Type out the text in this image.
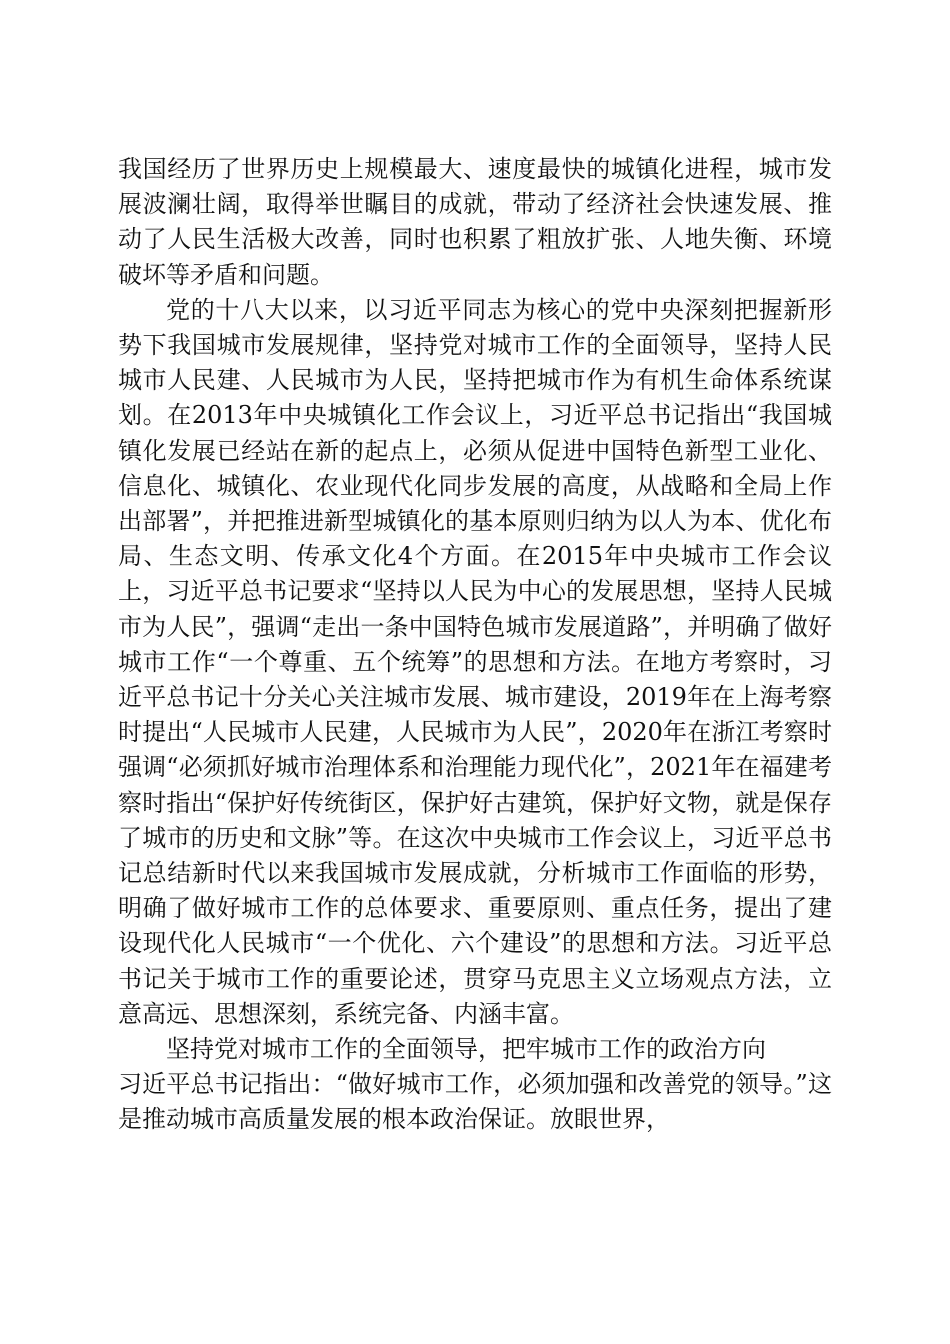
我国经历了世界历史上规模最大、速度最快的城镇化进程，城市发展波澜壮阔，取得举世瞩目的成就，带动了经济社会快速发展、推动了人民生活极大改善，同时也积累了粗放扩张、人地失衡、环境破坏等矛盾和问题。

党的十八大以来，以习近平同志为核心的党中央深刻把握新形势下我国城市发展规律，坚持党对城市工作的全面领导，坚持人民城市人民建、人民城市为人民，坚持把城市作为有机生命体系统谋划。在2013年中央城镇化工作会议上，习近平总书记指出“我国城镇化发展已经站在新的起点上，必须从促进中国特色新型工业化、信息化、城镇化、农业现代化同步发展的高度，从战略和全局上作出部署”，并把推进新型城镇化的基本原则归纳为以人为本、优化布局、生态文明、传承文化4个方面。在2015年中央城市工作会议上，习近平总书记要求“坚持以人民为中心的发展思想，坚持人民城市为人民”，强调“走出一条中国特色城市发展道路”，并明确了做好城市工作“一个尊重、五个统筹”的思想和方法。在地方考察时，习近平总书记十分关心关注城市发展、城市建设，2019年在上海考察时提出“人民城市人民建，人民城市为人民”，2020年在浙江考察时强调“必须抓好城市治理体系和治理能力现代化”，2021年在福建考察时指出“保护好传统街区，保护好古建筑，保护好文物，就是保存了城市的历史和文脉”等。在这次中央城市工作会议上，习近平总书记总结新时代以来我国城市发展成就，分析城市工作面临的形势，明确了做好城市工作的总体要求、重要原则、重点任务，提出了建设现代化人民城市“一个优化、六个建设”的思想和方法。习近平总书记关于城市工作的重要论述，贯穿马克思主义立场观点方法，立意高远、思想深刻，系统完备、内涵丰富。

坚持党对城市工作的全面领导，把牢城市工作的政治方向

习近平总书记指出：“做好城市工作，必须加强和改善党的领导。”这是推动城市高质量发展的根本政治保证。放眼世界，
